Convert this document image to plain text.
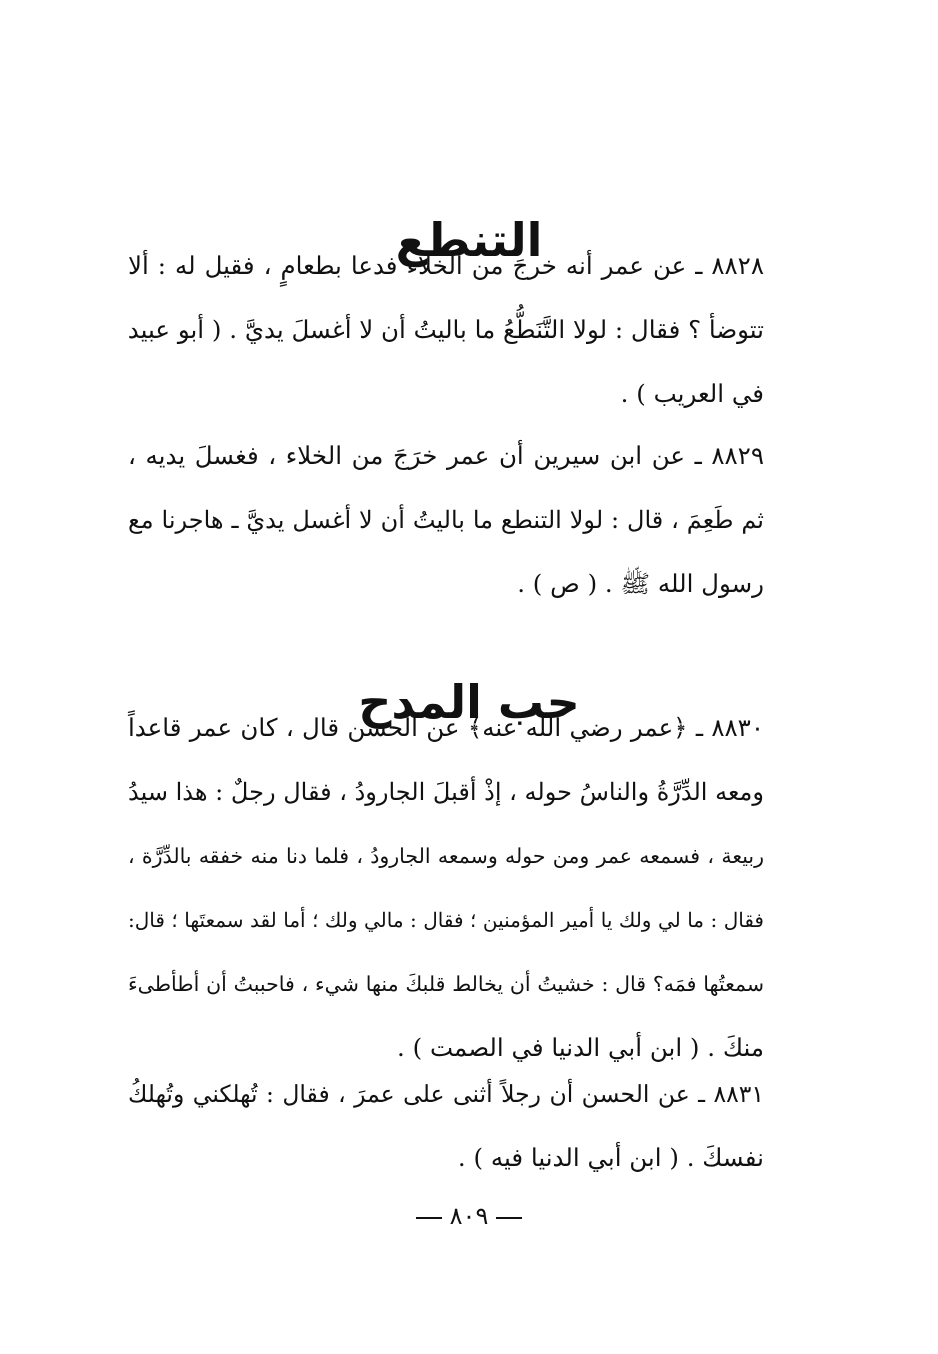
التنطع
٨٨٢٨ ـ عن عمر أنه خرجَ من الخلاء فدعا بطعامٍ ، فقيل له : ألا
تتوضأ ؟ فقال : لولا التَّنَطُّعُ ما باليتُ أن لا أغسلَ يديَّ . ( أبو عبيد
في العريب ) .
٨٨٢٩ ـ عن ابن سيرين أن عمر خرَجَ من الخلاء ، فغسلَ يديه ،
ثم طَعِمَ ، قال : لولا التنطع ما باليتُ أن لا أغسل يديَّ ـ هاجرنا مع
رسول الله ﷺ . ( ص ) .
حب المدح
٨٨٣٠ ـ ﴿عمر رضي الله عنه﴾ عن الحسن قال ، كان عمر قاعداً
ومعه الدِّرَّةُ والناسُ حوله ، إذْ أقبلَ الجارودُ ، فقال رجلٌ : هذا سيدُ
ربيعة ، فسمعه عمر ومن حوله وسمعه الجارودُ ، فلما دنا منه خفقه بالدِّرَّة ،
فقال : ما لي ولك يا أمير المؤمنين ؛ فقال : مالي ولك ؛ أما لقد سمعتَها ؛ قال:
سمعتُها فمَه؟ قال : خشيتُ أن يخالط قلبكَ منها شيء ، فاحببتُ أن أطأطىءَ
منكَ . ( ابن أبي الدنيا في الصمت ) .
٨٨٣١ ـ عن الحسن أن رجلاً أثنى على عمرَ ، فقال : تُهلكني وتُهلكُ
نفسكَ . ( ابن أبي الدنيا فيه ) .
٨٠٩
